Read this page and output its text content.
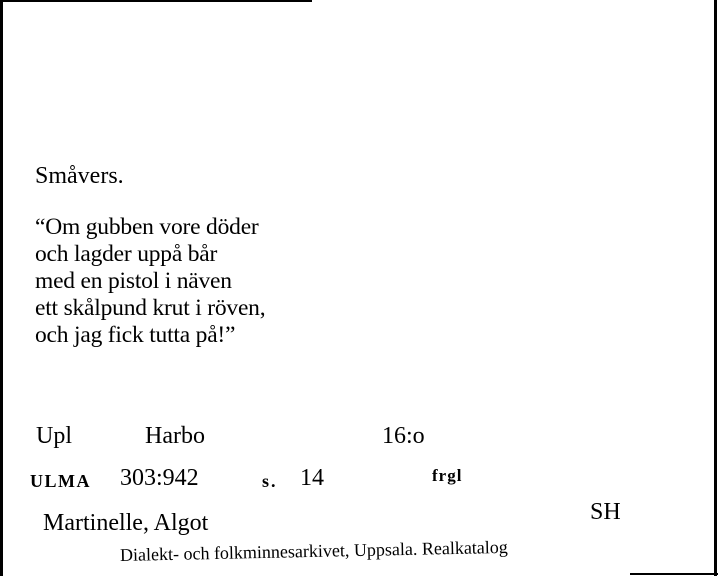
Småvers.
“Om gubben vore döder
och lagder uppå bår
med en pistol i näven
ett skålpund krut i röven,
och jag fick tutta på!”
Upl	Harbo	16:o
ULMA 303:942	s. 14	frgl
Martinelle, Algot	SH
Dialekt- och folkminnesarkivet, Uppsala. Realkatalog
